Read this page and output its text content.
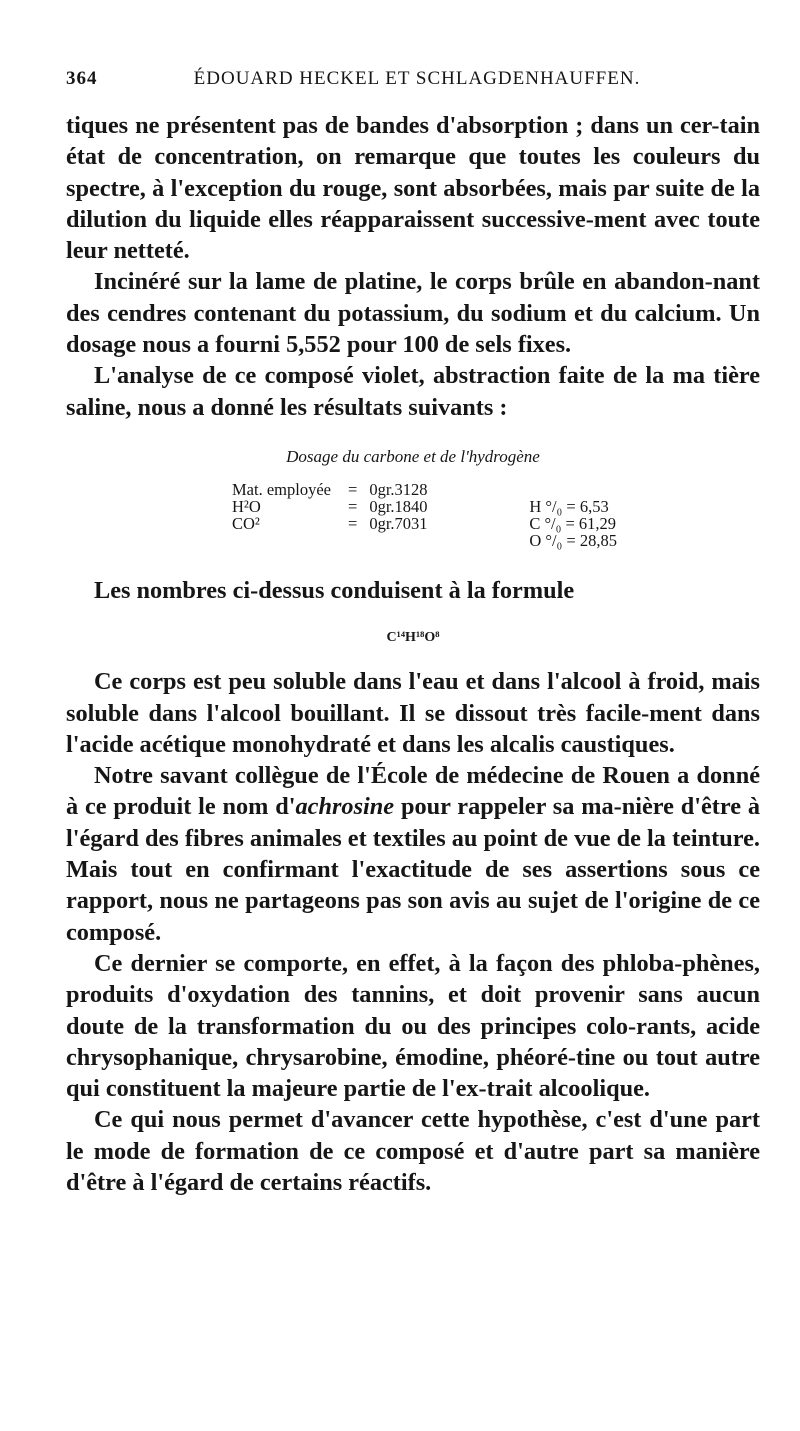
364	ÉDOUARD HECKEL ET SCHLAGDENHAUFFEN.

tiques ne présentent pas de bandes d'absorption ; dans un cer-tain état de concentration, on remarque que toutes les couleurs du spectre, à l'exception du rouge, sont absorbées, mais par suite de la dilution du liquide elles réapparaissent successive-ment avec toute leur netteté.

Incinéré sur la lame de platine, le corps brûle en abandon-nant des cendres contenant du potassium, du sodium et du calcium. Un dosage nous a fourni 5,552 pour 100 de sels fixes.

L'analyse de ce composé violet, abstraction faite de la ma tière saline, nous a donné les résultats suivants :

Dosage du carbone et de l'hydrogène
Mat. employée	=	0gr.3128	
H²O	=	0gr.1840	H °/₀ = 6,53
CO²	=	0gr.7031	C °/₀ = 61,29
			O °/₀ = 28,85

Les nombres ci-dessus conduisent à la formule

C¹⁴H¹⁸O⁸

Ce corps est peu soluble dans l'eau et dans l'alcool à froid, mais soluble dans l'alcool bouillant. Il se dissout très facile-ment dans l'acide acétique monohydraté et dans les alcalis caustiques.

Notre savant collègue de l'École de médecine de Rouen a donné à ce produit le nom d'achrosine pour rappeler sa ma-nière d'être à l'égard des fibres animales et textiles au point de vue de la teinture. Mais tout en confirmant l'exactitude de ses assertions sous ce rapport, nous ne partageons pas son avis au sujet de l'origine de ce composé.

Ce dernier se comporte, en effet, à la façon des phloba-phènes, produits d'oxydation des tannins, et doit provenir sans aucun doute de la transformation du ou des principes colo-rants, acide chrysophanique, chrysarobine, émodine, phéoré-tine ou tout autre qui constituent la majeure partie de l'ex-trait alcoolique.

Ce qui nous permet d'avancer cette hypothèse, c'est d'une part le mode de formation de ce composé et d'autre part sa manière d'être à l'égard de certains réactifs.
